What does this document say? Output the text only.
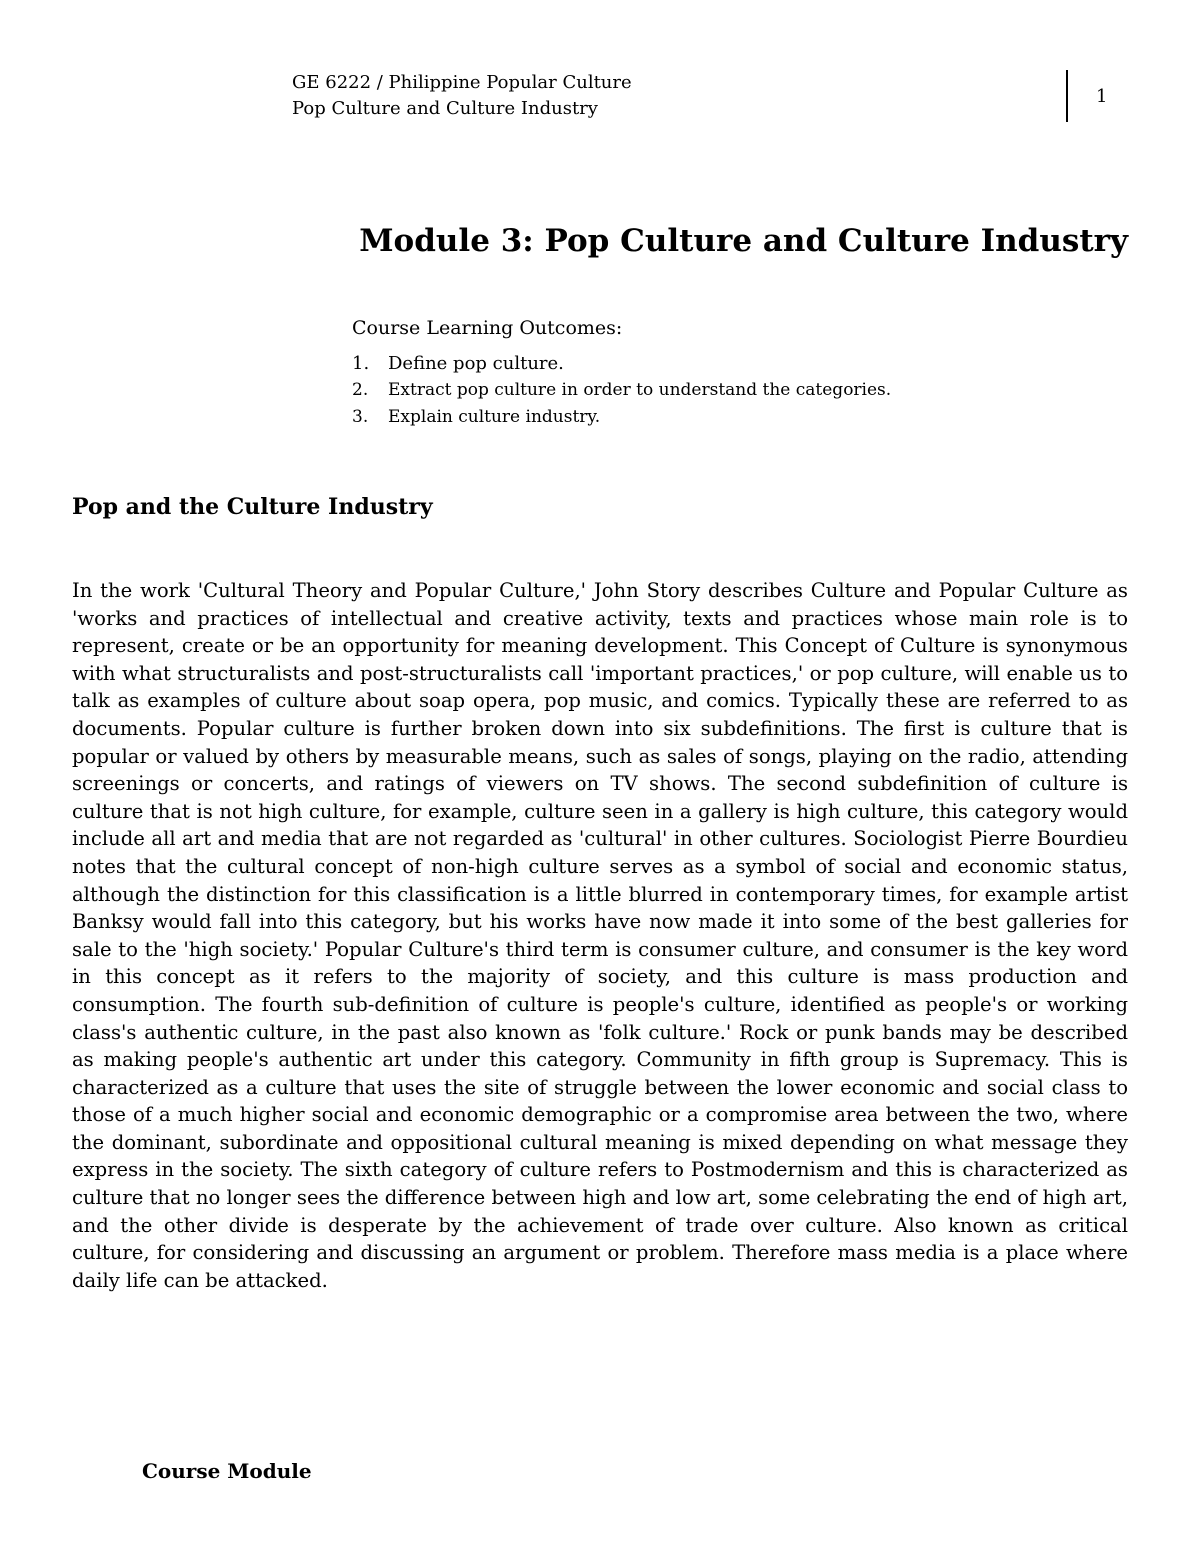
GE 6222 / Philippine Popular Culture
Pop Culture and Culture Industry
1
Module 3: Pop Culture and Culture Industry
Course Learning Outcomes:
1.	Define pop culture.
2.	Extract pop culture in order to understand the categories.
3.	Explain culture industry.
Pop and the Culture Industry

In the work 'Cultural Theory and Popular Culture,' John Story describes Culture and Popular Culture as 'works and practices of intellectual and creative activity, texts and practices whose main role is to represent, create or be an opportunity for meaning development. This Concept of Culture is synonymous with what structuralists and post-structuralists call 'important practices,' or pop culture, will enable us to talk as examples of culture about soap opera, pop music, and comics. Typically these are referred to as documents. Popular culture is further broken down into six subdefinitions. The first is culture that is popular or valued by others by measurable means, such as sales of songs, playing on the radio, attending screenings or concerts, and ratings of viewers on TV shows. The second subdefinition of culture is culture that is not high culture, for example, culture seen in a gallery is high culture, this category would include all art and media that are not regarded as 'cultural' in other cultures. Sociologist Pierre Bourdieu notes that the cultural concept of non-high culture serves as a symbol of social and economic status, although the distinction for this classification is a little blurred in contemporary times, for example artist Banksy would fall into this category, but his works have now made it into some of the best galleries for sale to the 'high society.' Popular Culture's third term is consumer culture, and consumer is the key word in this concept as it refers to the majority of society, and this culture is mass production and consumption. The fourth sub-definition of culture is people's culture, identified as people's or working class's authentic culture, in the past also known as 'folk culture.' Rock or punk bands may be described as making people's authentic art under this category. Community in fifth group is Supremacy. This is characterized as a culture that uses the site of struggle between the lower economic and social class to those of a much higher social and economic demographic or a compromise area between the two, where the dominant, subordinate and oppositional cultural meaning is mixed depending on what message they express in the society. The sixth category of culture refers to Postmodernism and this is characterized as culture that no longer sees the difference between high and low art, some celebrating the end of high art, and the other divide is desperate by the achievement of trade over culture. Also known as critical culture, for considering and discussing an argument or problem. Therefore mass media is a place where daily life can be attacked.

Course Module
